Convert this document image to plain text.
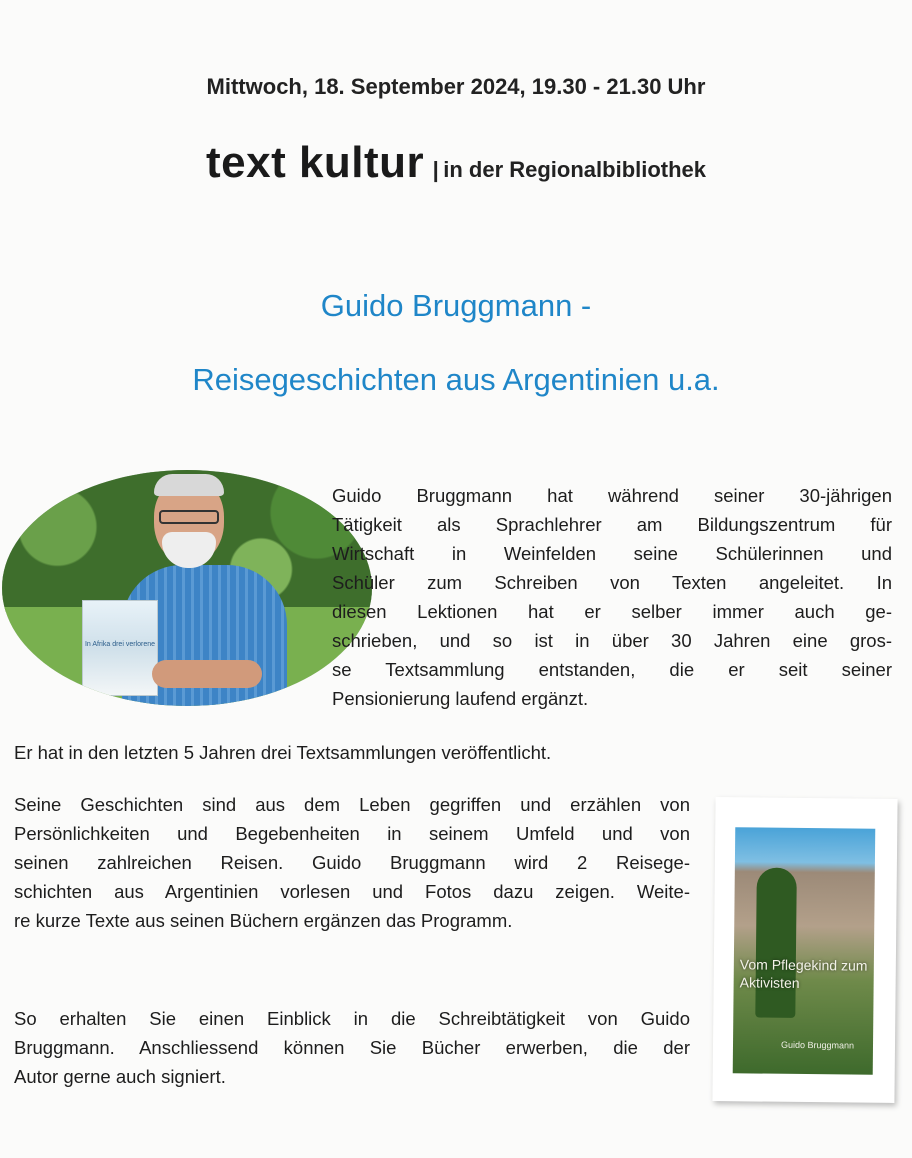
Mittwoch, 18. September 2024, 19.30 - 21.30 Uhr
text kultur | in der Regionalbibliothek
Guido Bruggmann -
Reisegeschichten aus Argentinien u.a.
In Afrika drei verlorene
Guido Bruggmann hat während seiner 30-jährigen
Tätigkeit als Sprachlehrer am Bildungszentrum für
Wirtschaft in Weinfelden seine Schülerinnen und
Schüler zum Schreiben von Texten angeleitet. In
diesen Lektionen hat er selber immer auch ge-
schrieben, und so ist in über 30 Jahren eine gros-
se Textsammlung entstanden, die er seit seiner
Pensionierung laufend ergänzt.
Er hat in den letzten 5 Jahren drei Textsammlungen veröffentlicht.
Seine Geschichten sind aus dem Leben gegriffen und erzählen von
Persönlichkeiten und Begebenheiten in seinem Umfeld und von
seinen zahlreichen Reisen. Guido Bruggmann wird 2 Reisege-
schichten aus Argentinien vorlesen und Fotos dazu zeigen. Weite-
re kurze Texte aus seinen Büchern ergänzen das Programm.
So erhalten Sie einen Einblick in die Schreibtätigkeit von Guido
Bruggmann. Anschliessend können Sie Bücher erwerben, die der
Autor gerne auch signiert.
Vom Pflegekind zum Aktivisten
Guido Bruggmann
